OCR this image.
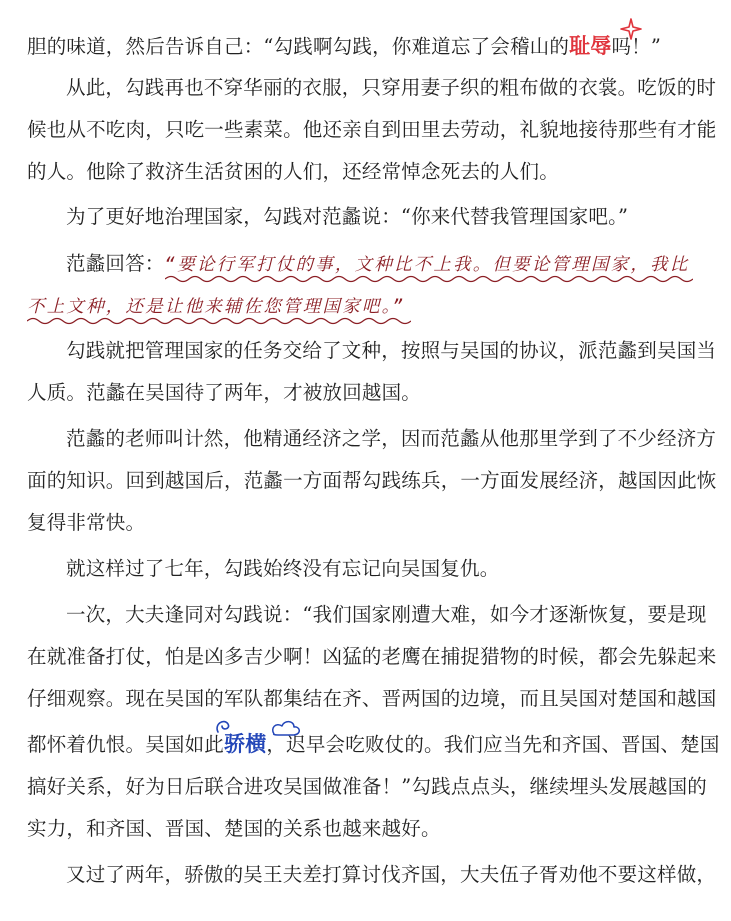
胆的味道，然后告诉自己：“勾践啊勾践，你难道忘了会稽山的耻辱
吗！”
从此，勾践再也不穿华丽的衣服，只穿用妻子织的粗布做的衣裳。吃饭的时
候也从不吃肉，只吃一些素菜。他还亲自到田里去劳动，礼貌地接待那些有才能
的人。他除了救济生活贫困的人们，还经常悼念死去的人们。
为了更好地治理国家，勾践对范蠡说：“你来代替我管理国家吧。”
范蠡回答：“要论行军打仗的事，文种比不上我。但要论管理国家，我比
不上文种，还是让他来辅佐您管理国家吧。”
勾践就把管理国家的任务交给了文种，按照与吴国的协议，派范蠡到吴国当
人质。范蠡在吴国待了两年，才被放回越国。
范蠡的老师叫计然，他精通经济之学，因而范蠡从他那里学到了不少经济方
面的知识。回到越国后，范蠡一方面帮勾践练兵，一方面发展经济，越国因此恢
复得非常快。
就这样过了七年，勾践始终没有忘记向吴国复仇。
一次，大夫逢同对勾践说：“我们国家刚遭大难，如今才逐渐恢复，要是现
在就准备打仗，怕是凶多吉少啊！凶猛的老鹰在捕捉猎物的时候，都会先躲起来
仔细观察。现在吴国的军队都集结在齐、晋两国的边境，而且吴国对楚国和越国
都怀着仇恨。吴国如此
骄横，迟早会吃败仗的。我们应当先和齐国、晋国、楚国
搞好关系，好为日后联合进攻吴国做准备！”勾践点点头，继续埋头发展越国的
实力，和齐国、晋国、楚国的关系也越来越好。
又过了两年，骄傲的吴王夫差打算讨伐齐国，大夫伍子胥劝他不要这样做，
